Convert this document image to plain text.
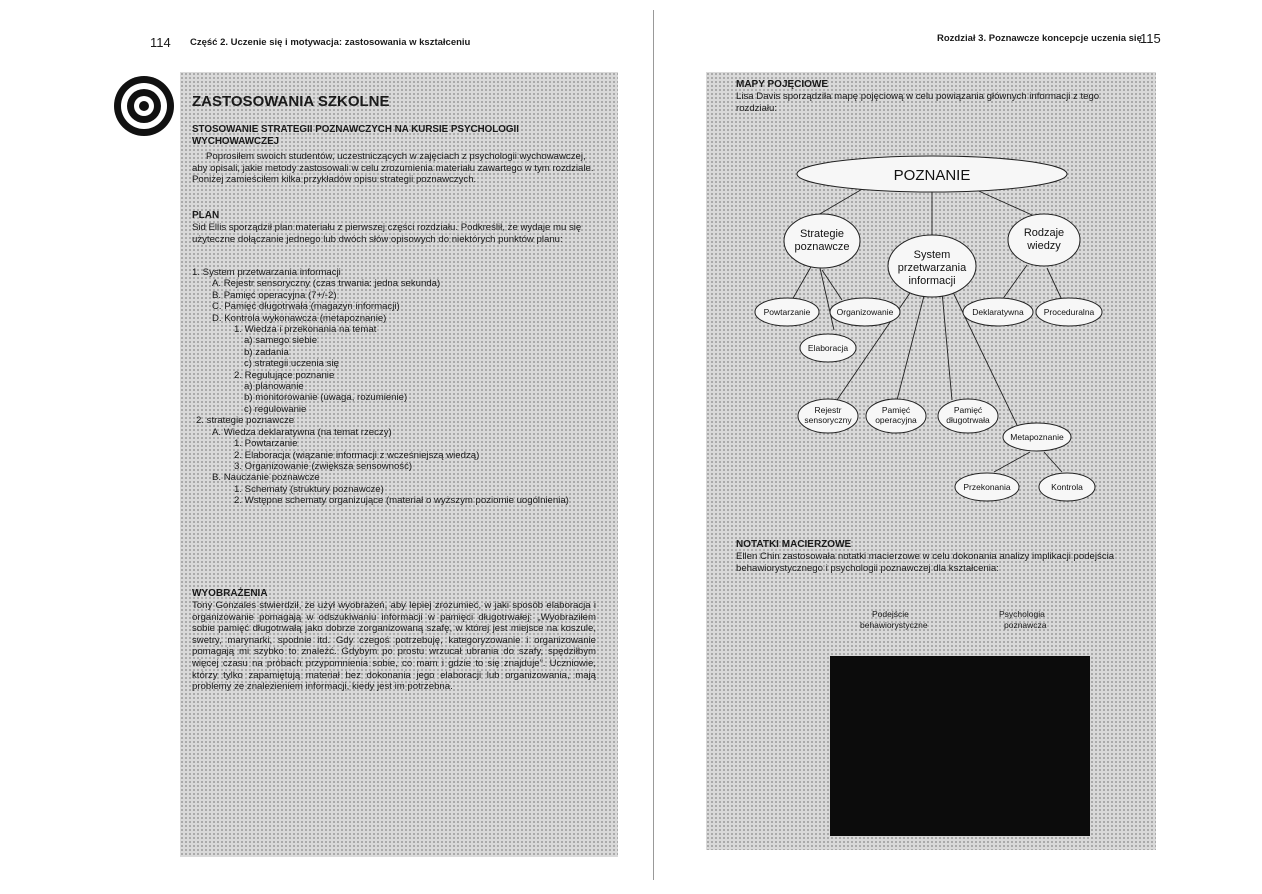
114 Część 2. Uczenie się i motywacja: zastosowania w kształceniu
ZASTOSOWANIA SZKOLNE
STOSOWANIE STRATEGII POZNAWCZYCH NA KURSIE PSYCHOLOGII WYCHOWAWCZEJ
Poprosiłem swoich studentów, uczestniczących w zajęciach z psychologii wychowawczej, aby opisali, jakie metody zastosowali w celu zrozumienia materiału zawartego w tym rozdziale. Poniżej zamieściłem kilka przykładów opisu strategii poznawczych.
PLAN
Sid Ellis sporządził plan materiału z pierwszej części rozdziału. Podkreślił, że wydaje mu się użyteczne dołączanie jednego lub dwóch słów opisowych do niektórych punktów planu:
1. System przetwarzania informacji
A. Rejestr sensoryczny (czas trwania: jedna sekunda)
B. Pamięć operacyjna (7+/-2)
C. Pamięć długotrwała (magazyn informacji)
D. Kontrola wykonawcza (metapoznanie)
1. Wiedza i przekonania na temat
a) samego siebie
b) zadania
c) strategii uczenia się
2. Regulujące poznanie
a) planowanie
b) monitorowanie (uwaga, rozumienie)
c) regulowanie
2. strategie poznawcze
A. Wiedza deklaratywna (na temat rzeczy)
1. Powtarzanie
2. Elaboracja (wiązanie informacji z wcześniejszą wiedzą)
3. Organizowanie (zwiększa sensowność)
B. Nauczanie poznawcze
1. Schematy (struktury poznawcze)
2. Wstępne schematy organizujące (materiał o wyższym poziomie uogólnienia)
WYOBRAŻENIA
Tony Gonzales stwierdził, że użył wyobrażeń, aby lepiej zrozumieć, w jaki sposób elaboracja i organizowanie pomagają w odszukiwaniu informacji w pamięci długotrwałej: „Wyobraziłem sobie pamięć długotrwałą jako dobrze zorganizowaną szafę, w której jest miejsce na koszule, swetry, marynarki, spodnie itd. Gdy czegoś potrzebuję, kategoryzowanie i organizowanie pomagają mi szybko to znaleźć. Gdybym po prostu wrzucał ubrania do szafy, spędziłbym więcej czasu na próbach przypomnienia sobie, co mam i gdzie to się znajduje”. Uczniowie, którzy tylko zapamiętują materiał bez dokonania jego elaboracji lub organizowania, mają problemy ze znalezieniem informacji, kiedy jest im potrzebna.
Rozdział 3. Poznawcze koncepcje uczenia się
115
MAPY POJĘCIOWE
Lisa Davis sporządziła mapę pojęciową w celu powiązania głównych informacji z tego rozdziału:
POZNANIE
Strategie
poznawcze
System
przetwarzania
informacji
Rodzaje
wiedzy
Powtarzanie	Organizowanie
Elaboracja
Deklaratywna Proceduralna
Rejestr
sensoryczny
Pamięć
operacyjna
Pamięć
długotrwała
Metapoznanie
Przekonania	Kontrola
NOTATKI MACIERZOWE
Ellen Chin zastosowała notatki macierzowe w celu dokonania analizy implikacji podejścia behawiorystycznego i psychologii poznawczej dla kształcenia:
Podejście
behawiorystyczne
Psychologia
poznawcza
